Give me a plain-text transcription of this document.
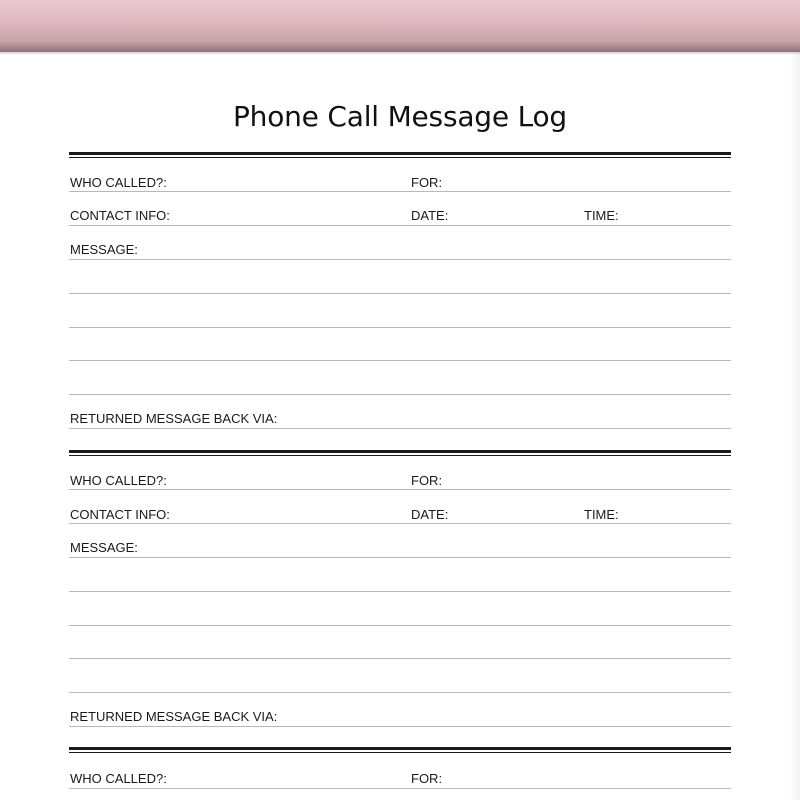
Phone Call Message Log
WHO CALLED?:	FOR:
CONTACT INFO:	DATE:	TIME:
MESSAGE:
RETURNED MESSAGE BACK VIA:
WHO CALLED?:	FOR:
CONTACT INFO:	DATE:	TIME:
MESSAGE:
RETURNED MESSAGE BACK VIA:
WHO CALLED?:	FOR:
